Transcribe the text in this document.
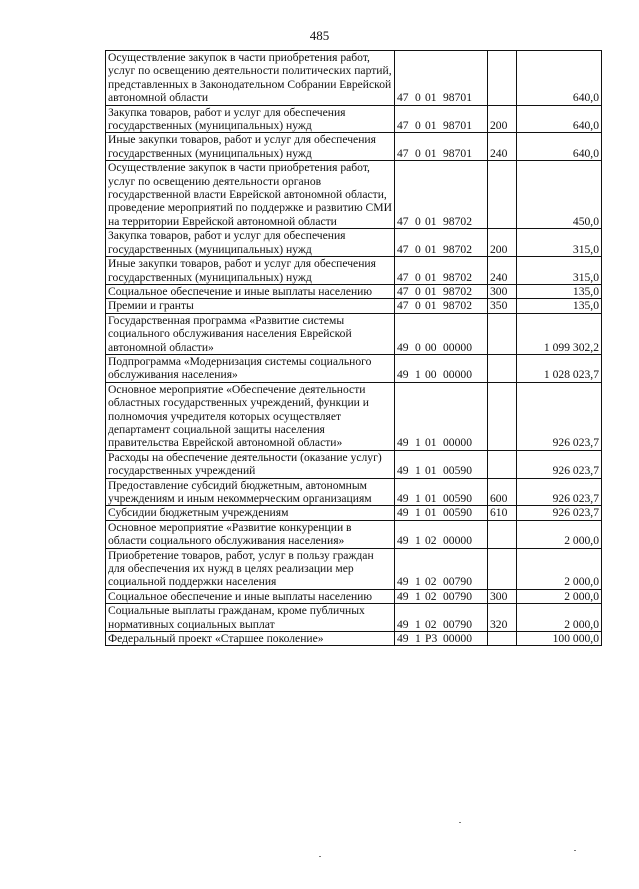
485
Осуществление закупок в части приобретения работ, услуг по освещению деятельности политических партий, представленных в Законодательном Собрании Еврейской автономной области	47 0 01 98701		640,0
Закупка товаров, работ и услуг для обеспечения государственных (муниципальных) нужд	47 0 01 98701	200	640,0
Иные закупки товаров, работ и услуг для обеспечения государственных (муниципальных) нужд	47 0 01 98701	240	640,0
Осуществление закупок в части приобретения работ, услуг по освещению деятельности органов государственной власти Еврейской автономной области, проведение мероприятий по поддержке и развитию СМИ на территории Еврейской автономной области	47 0 01 98702		450,0
Закупка товаров, работ и услуг для обеспечения государственных (муниципальных) нужд	47 0 01 98702	200	315,0
Иные закупки товаров, работ и услуг для обеспечения государственных (муниципальных) нужд	47 0 01 98702	240	315,0
Социальное обеспечение и иные выплаты населению	47 0 01 98702	300	135,0
Премии и гранты	47 0 01 98702	350	135,0
Государственная программа «Развитие системы социального обслуживания населения Еврейской автономной области»	49 0 00 00000		1 099 302,2
Подпрограмма «Модернизация системы социального обслуживания населения»	49 1 00 00000		1 028 023,7
Основное мероприятие «Обеспечение деятельности областных государственных учреждений, функции и полномочия учредителя которых осуществляет департамент социальной защиты населения правительства Еврейской автономной области»	49 1 01 00000		926 023,7
Расходы на обеспечение деятельности (оказание услуг) государственных учреждений	49 1 01 00590		926 023,7
Предоставление субсидий бюджетным, автономным учреждениям и иным некоммерческим организациям	49 1 01 00590	600	926 023,7
Субсидии бюджетным учреждениям	49 1 01 00590	610	926 023,7
Основное мероприятие «Развитие конкуренции в области социального обслуживания населения»	49 1 02 00000		2 000,0
Приобретение товаров, работ, услуг в пользу граждан для обеспечения их нужд в целях реализации мер социальной поддержки населения	49 1 02 00790		2 000,0
Социальное обеспечение и иные выплаты населению	49 1 02 00790	300	2 000,0
Социальные выплаты гражданам, кроме публичных нормативных социальных выплат	49 1 02 00790	320	2 000,0
Федеральный проект «Старшее поколение»	49 1 P3 00000		100 000,0
